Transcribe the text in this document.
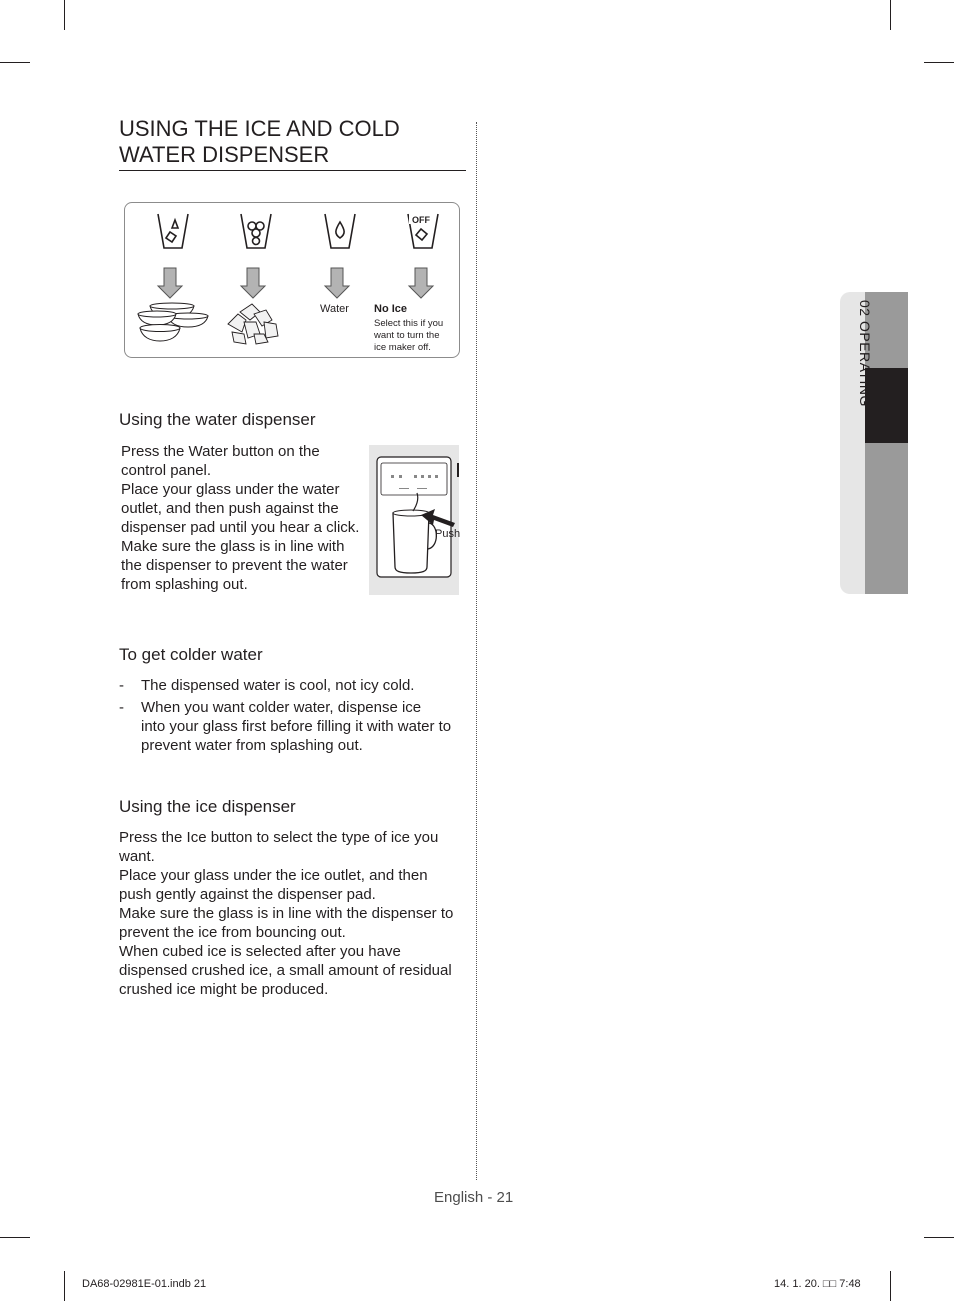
USING THE ICE AND COLD
WATER DISPENSER
OFF
Water No Ice
Select this if you
want to turn the
ice maker off.
Using the water dispenser
Press the Water button on the
control panel.
Place your glass under the water
outlet, and then push against the
dispenser pad until you hear a click.
Make sure the glass is in line with
the dispenser to prevent the water
from splashing out.
Push
To get colder water
- The dispensed water is cool, not icy cold.
- When you want colder water, dispense ice
into your glass first before filling it with water to
prevent water from splashing out.
Using the ice dispenser
Press the Ice button to select the type of ice you
want.
Place your glass under the ice outlet, and then
push gently against the dispenser pad.
Make sure the glass is in line with the dispenser to
prevent the ice from bouncing out.
When cubed ice is selected after you have
dispensed crushed ice, a small amount of residual
crushed ice might be produced.
02 OPERATING
English - 21
DA68-02981E-01.indb 21	14. 1. 20. □□ 7:48
